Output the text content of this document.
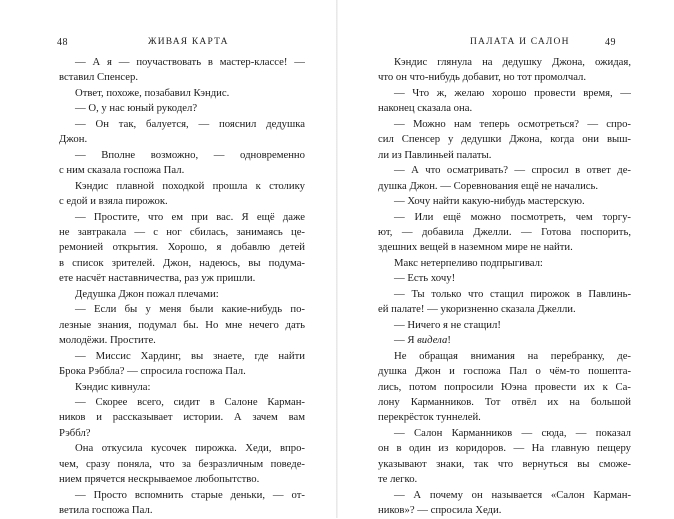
48	ЖИВАЯ КАРТА
— А я — поучаствовать в мастер-классе! —
вставил Спенсер.
Ответ, похоже, позабавил Кэндис.
— О, у нас юный рукодел?
— Он так, балуется, — пояснил дедушка
Джон.
— Вполне возможно, — одновременно
с ним сказала госпожа Пал.
Кэндис плавной походкой прошла к столику
с едой и взяла пирожок.
— Простите, что ем при вас. Я ещё даже
не завтракала — с ног сбилась, занимаясь це-
ремонией открытия. Хорошо, я добавлю детей
в список зрителей. Джон, надеюсь, вы подума-
ете насчёт наставничества, раз уж пришли.
Дедушка Джон пожал плечами:
— Если бы у меня были какие-нибудь по-
лезные знания, подумал бы. Но мне нечего дать
молодёжи. Простите.
— Миссис Хардинг, вы знаете, где найти
Брока Рэббла? — спросила госпожа Пал.
Кэндис кивнула:
— Скорее всего, сидит в Салоне Карман-
ников и рассказывает истории. А зачем вам
Рэббл?
Она откусила кусочек пирожка. Хеди, впро-
чем, сразу поняла, что за безразличным поведе-
нием прячется нескрываемое любопытство.
— Просто вспомнить старые деньки, — от-
ветила госпожа Пал.
ПАЛАТА И САЛОН	49
Кэндис глянула на дедушку Джона, ожидая,
что он что-нибудь добавит, но тот промолчал.
— Что ж, желаю хорошо провести время, —
наконец сказала она.
— Можно нам теперь осмотреться? — спро-
сил Спенсер у дедушки Джона, когда они выш-
ли из Павлиньей палаты.
— А что осматривать? — спросил в ответ де-
душка Джон. — Соревнования ещё не начались.
— Хочу найти какую-нибудь мастерскую.
— Или ещё можно посмотреть, чем торгу-
ют, — добавила Джелли. — Готова поспорить,
здешних вещей в наземном мире не найти.
Макс нетерпеливо подпрыгивал:
— Есть хочу!
— Ты только что стащил пирожок в Павлинь-
ей палате! — укоризненно сказала Джелли.
— Ничего я не стащил!
— Я видела!
Не обращая внимания на перебранку, де-
душка Джон и госпожа Пал о чём-то пошепта-
лись, потом попросили Юэна провести их к Са-
лону Карманников. Тот отвёл их на большой
перекрёсток туннелей.
— Салон Карманников — сюда, — показал
он в один из коридоров. — На главную пещеру
указывают знаки, так что вернуться вы сможе-
те легко.
— А почему он называется «Салон Карман-
ников»? — спросила Хеди.
